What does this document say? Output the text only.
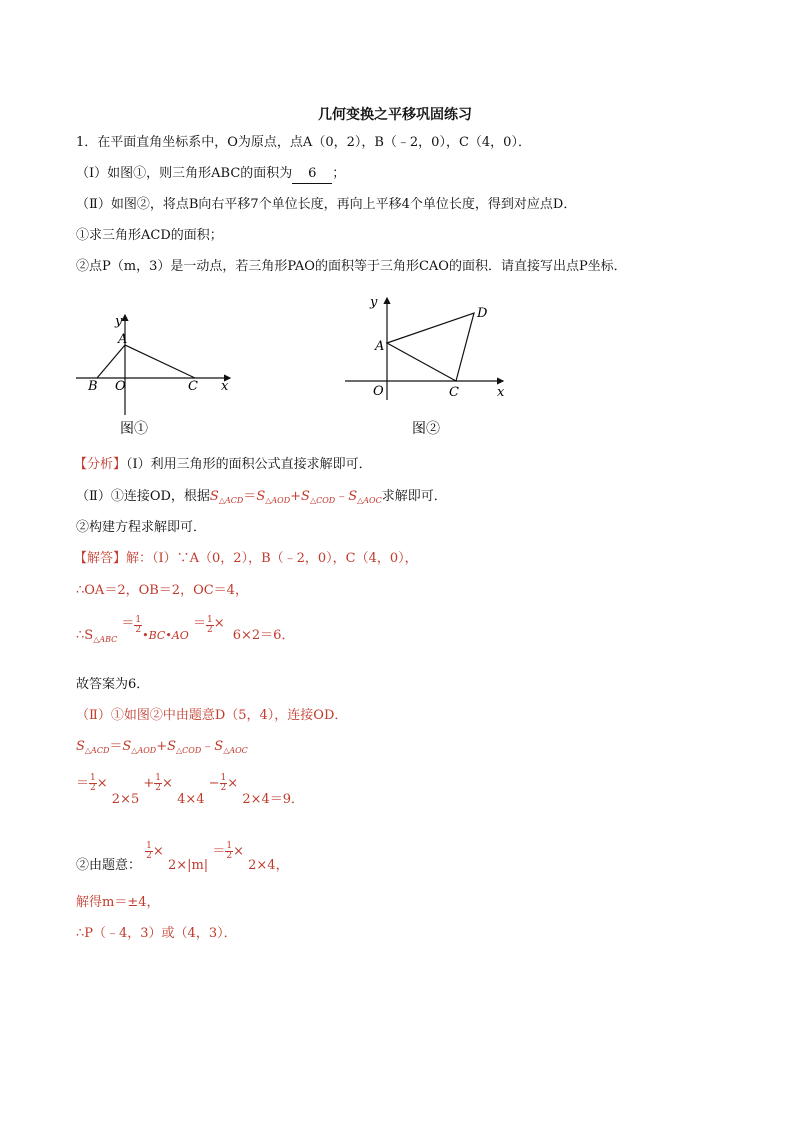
几何变换之平移巩固练习
1．在平面直角坐标系中，O为原点，点A（0，2），B（﹣2，0），C（4，0）．
（Ⅰ）如图①，则三角形ABC的面积为 6 ；
（Ⅱ）如图②，将点B向右平移7个单位长度，再向上平移4个单位长度，得到对应点D．
①求三角形ACD的面积；
②点P（m，3）是一动点，若三角形PAO的面积等于三角形CAO的面积．请直接写出点P坐标．
y
A
B O	C x
图①
y
A
D
O	C	x
图②
【分析】（Ⅰ）利用三角形的面积公式直接求解即可．
（Ⅱ）①连接OD，根据$S_{\triangle ACD}=S_{\triangle AOD}+S_{\triangle COD}﹣S_{\triangle AOC}$求解即可．
②构建方程求解即可．
【解答】解：（Ⅰ）∵A（0，2），B（﹣2，0），C（4，0），
∴OA＝2，OB＝2，OC＝4，
$\therefore S_{\triangle ABC} = \frac{1}{2}$
•BC•AO ＝ $\frac{1}{2} \times 6\times 2=6$．
故答案为6．
（Ⅱ）①如图②中由题意D（5，4），连接OD．
$S_{\triangle ACD}=S_{\triangle AOD}+S_{\triangle COD}﹣S_{\triangle AOC}$
＝ $\frac{1}{2} \times 2\times 5 + \frac{1}{2} \times 4\times 4 - \frac{1}{2} \times 2\times 4=9$．
②由题意：
$\frac{1}{2} \times 2\times|m| = \frac{1}{2} \times 2\times 4$，
解得m＝±4，
∴P（﹣4，3）或（4，3）．
